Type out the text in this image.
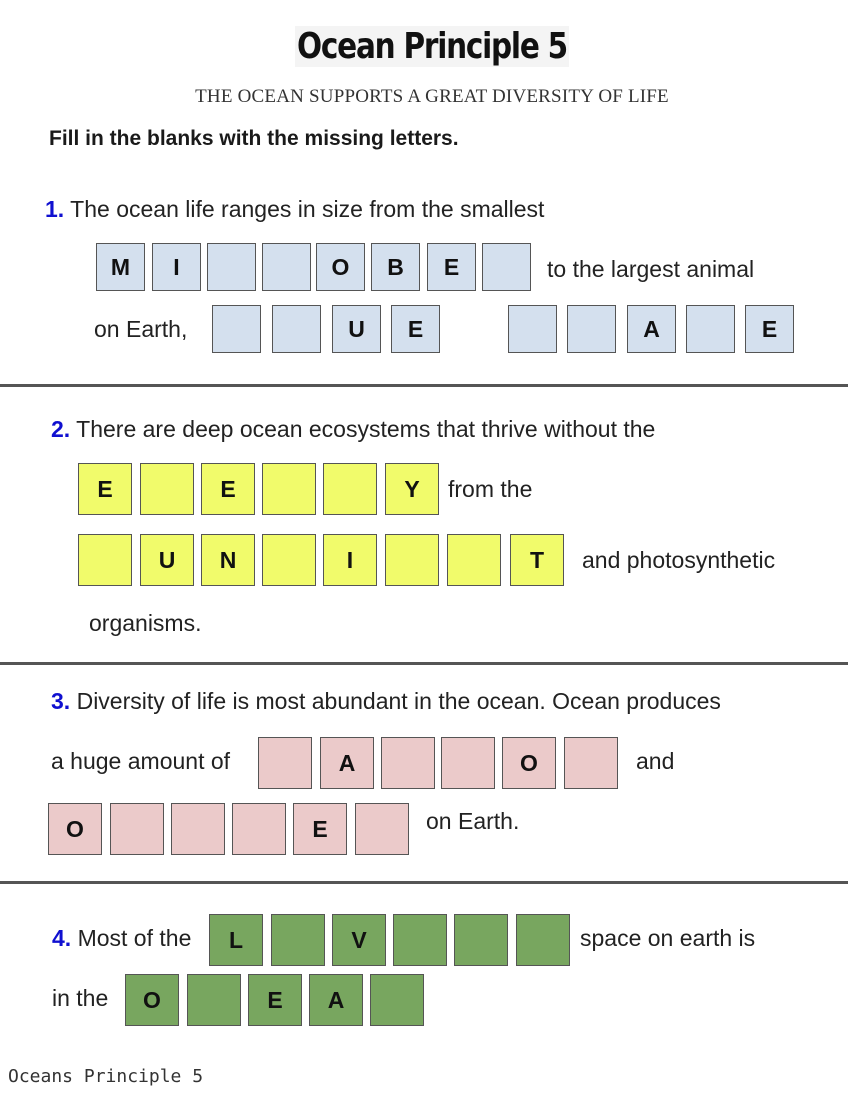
Ocean Principle 5
THE OCEAN SUPPORTS A GREAT DIVERSITY OF LIFE
Fill in the blanks with the missing letters.
1. The ocean life ranges in size from the smallest
M	I	O	B	E	to the largest animal
on Earth,	U	E	A	E
2. There are deep ocean ecosystems that thrive without the
E	E	Y	from the
U	N	I	T	and photosynthetic
organisms.
3. Diversity of life is most abundant in the ocean. Ocean produces
a huge amount of	A	O	and
O	E	on Earth.
4. Most of the	L	V	space on earth is
in the	O	E	A
Oceans Principle 5
